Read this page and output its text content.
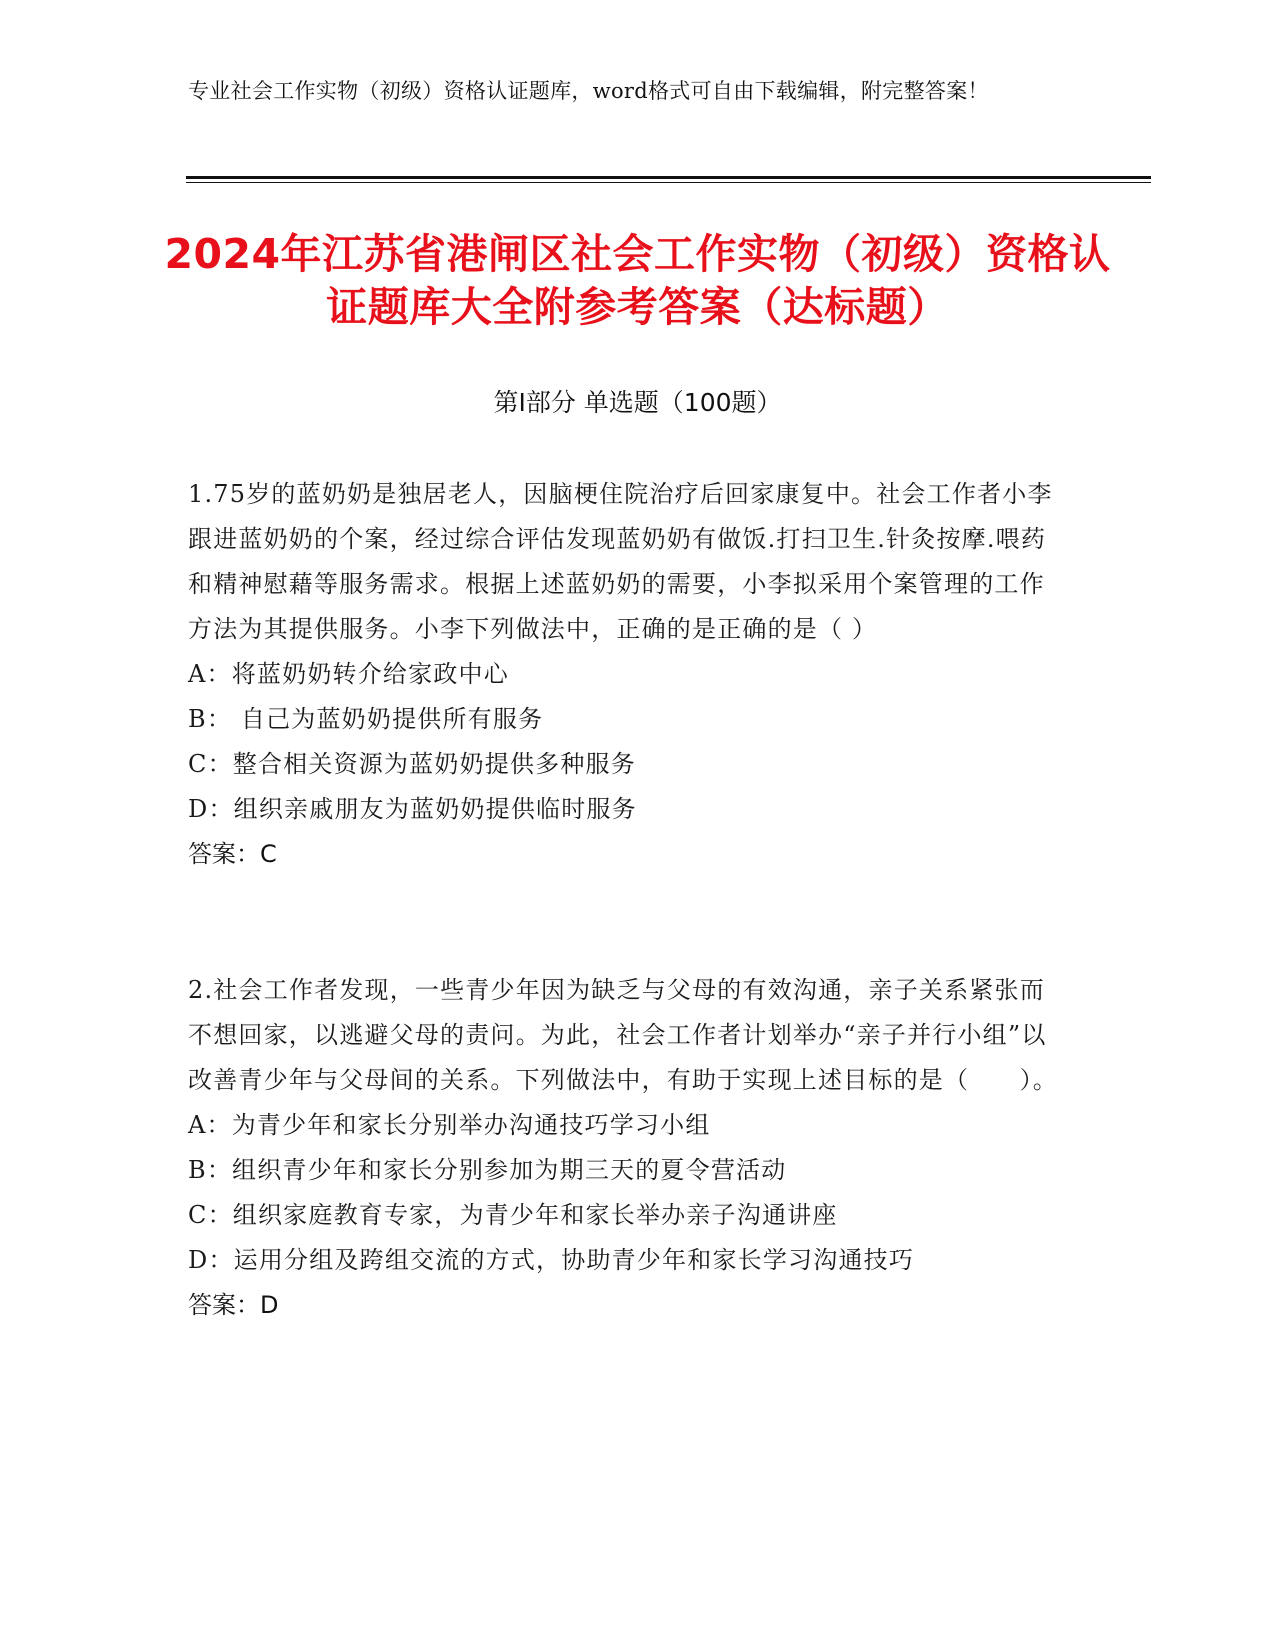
专业社会工作实物（初级）资格认证题库，word格式可自由下载编辑，附完整答案！
2024年江苏省港闸区社会工作实物（初级）资格认证题库大全附参考答案（达标题）
第Ⅰ部分 单选题（100题）
1.75岁的蓝奶奶是独居老人，因脑梗住院治疗后回家康复中。社会工作者小李跟进蓝奶奶的个案，经过综合评估发现蓝奶奶有做饭.打扫卫生.针灸按摩.喂药和精神慰藉等服务需求。根据上述蓝奶奶的需要，小李拟采用个案管理的工作方法为其提供服务。小李下列做法中，正确的是正确的是（ ）
A：将蓝奶奶转介给家政中心
B： 自己为蓝奶奶提供所有服务
C：整合相关资源为蓝奶奶提供多种服务
D：组织亲戚朋友为蓝奶奶提供临时服务
答案：C
2.社会工作者发现，一些青少年因为缺乏与父母的有效沟通，亲子关系紧张而不想回家，以逃避父母的责问。为此，社会工作者计划举办“亲子并行小组”以改善青少年与父母间的关系。下列做法中，有助于实现上述目标的是（　　）。
A：为青少年和家长分别举办沟通技巧学习小组
B：组织青少年和家长分别参加为期三天的夏令营活动
C：组织家庭教育专家，为青少年和家长举办亲子沟通讲座
D：运用分组及跨组交流的方式，协助青少年和家长学习沟通技巧
答案：D
